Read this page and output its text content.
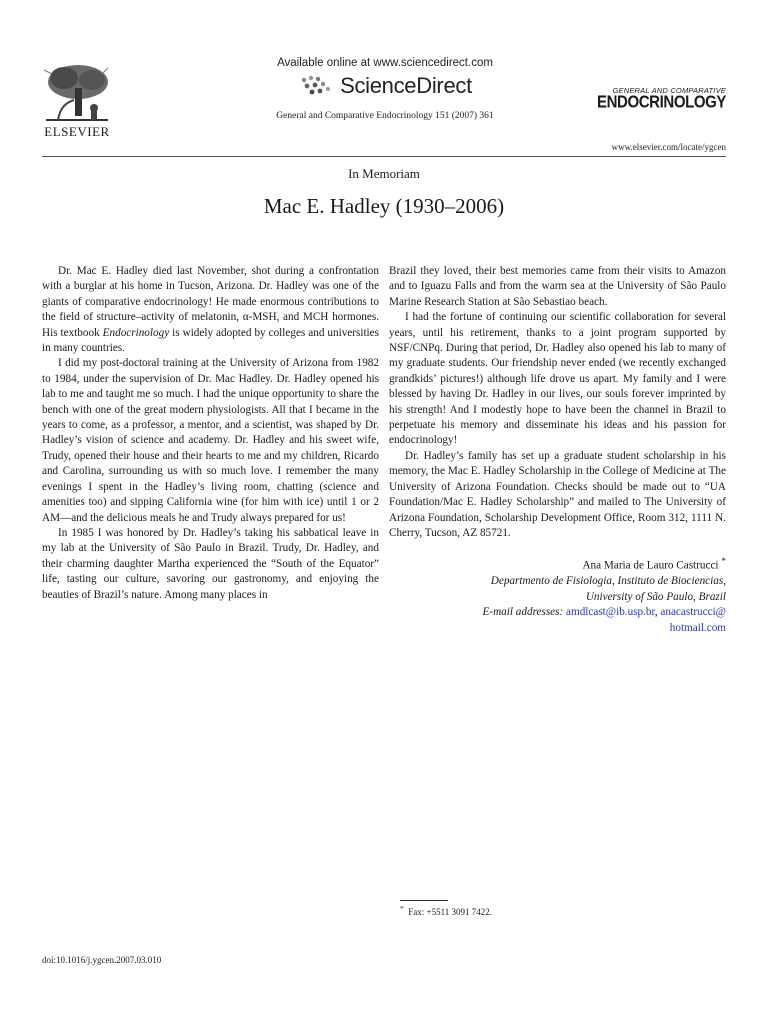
ELSEVIER
Available online at www.sciencedirect.com
ScienceDirect
General and Comparative Endocrinology 151 (2007) 361
GENERAL AND COMPARATIVE
ENDOCRINOLOGY
www.elsevier.com/locate/ygcen
In Memoriam
Mac E. Hadley (1930–2006)

Dr. Mac E. Hadley died last November, shot during a confrontation with a burglar at his home in Tucson, Arizona. Dr. Hadley was one of the giants of comparative endocrinology! He made enormous contributions to the field of structure–activity of melatonin, α-MSH, and MCH hormones. His textbook Endocrinology is widely adopted by colleges and universities in many countries.

I did my post-doctoral training at the University of Arizona from 1982 to 1984, under the supervision of Dr. Mac Hadley. Dr. Hadley opened his lab to me and taught me so much. I had the unique opportunity to share the bench with one of the great modern physiologists. All that I became in the years to come, as a professor, a mentor, and a scientist, was shaped by Dr. Hadley’s vision of science and academy. Dr. Hadley and his sweet wife, Trudy, opened their house and their hearts to me and my children, Ricardo and Carolina, surrounding us with so much love. I remember the many evenings I spent in the Hadley’s living room, chatting (science and amenities too) and sipping California wine (for him with ice) until 1 or 2 AM—and the delicious meals he and Trudy always prepared for us!

In 1985 I was honored by Dr. Hadley’s taking his sabbatical leave in my lab at the University of São Paulo in Brazil. Trudy, Dr. Hadley, and their charming daughter Martha experienced the “South of the Equator” life, tasting our culture, savoring our gastronomy, and enjoying the beauties of Brazil’s nature. Among many places in

Brazil they loved, their best memories came from their visits to Amazon and to Iguazu Falls and from the warm sea at the University of São Paulo Marine Research Station at São Sebastiao beach.

I had the fortune of continuing our scientific collaboration for several years, until his retirement, thanks to a joint program supported by NSF/CNPq. During that period, Dr. Hadley also opened his lab to many of my graduate students. Our friendship never ended (we recently exchanged grandkids’ pictures!) although life drove us apart. My family and I were blessed by having Dr. Hadley in our lives, our souls forever imprinted by his strength! And I modestly hope to have been the channel in Brazil to perpetuate his memory and disseminate his ideas and his passion for endocrinology!

Dr. Hadley’s family has set up a graduate student scholarship in his memory, the Mac E. Hadley Scholarship in the College of Medicine at The University of Arizona Foundation. Checks should be made out to “UA Foundation/Mac E. Hadley Scholarship” and mailed to The University of Arizona Foundation, Scholarship Development Office, Room 312, 1111 N. Cherry, Tucson, AZ 85721.

Ana Maria de Lauro Castrucci *
Departmento de Fisiologia, Instituto de Biociencias,
University of São Paulo, Brazil
E-mail addresses: amdlcast@ib.usp.br, anacastrucci@
hotmail.com
* Fax: +5511 3091 7422.
doi:10.1016/j.ygcen.2007.03.010
